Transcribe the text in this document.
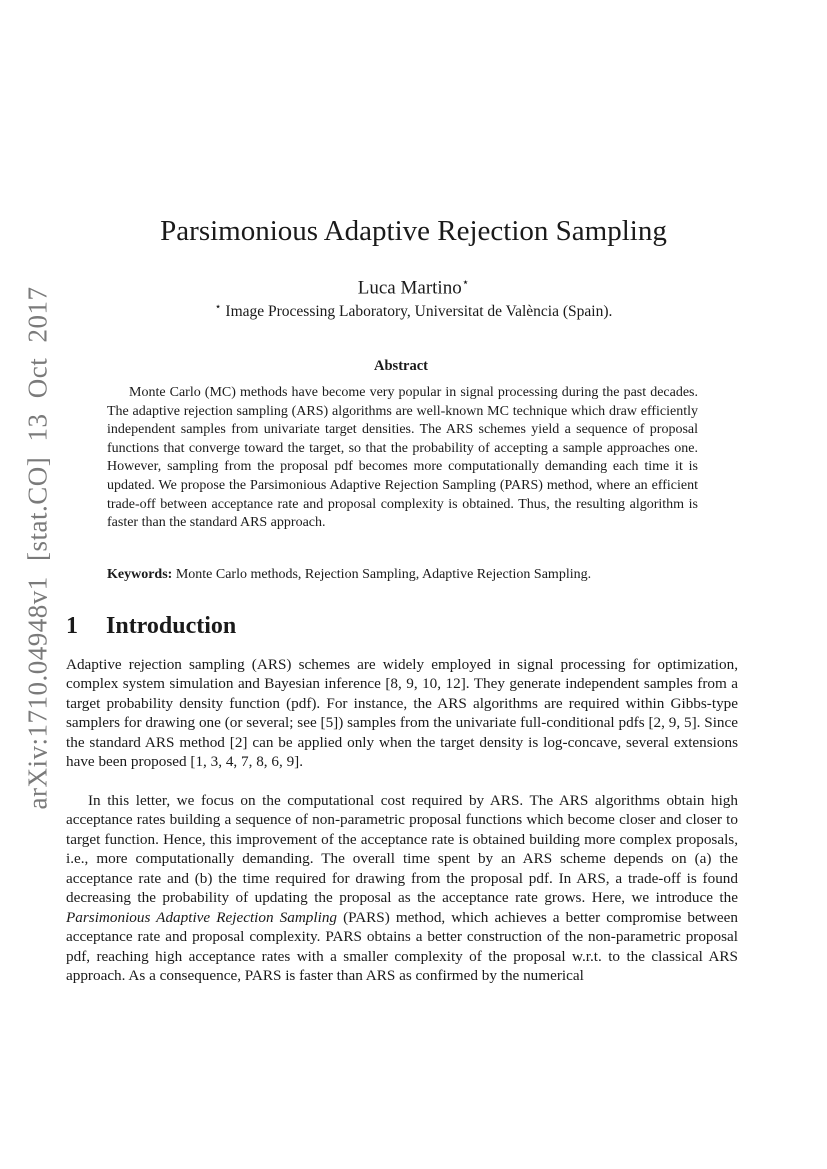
arXiv:1710.04948v1 [stat.CO] 13 Oct 2017
Parsimonious Adaptive Rejection Sampling
Luca Martino⋆
⋆ Image Processing Laboratory, Universitat de València (Spain).
Abstract

Monte Carlo (MC) methods have become very popular in signal processing during the past decades. The adaptive rejection sampling (ARS) algorithms are well-known MC technique which draw efficiently independent samples from univariate target densities. The ARS schemes yield a sequence of proposal functions that converge toward the target, so that the probability of accepting a sample approaches one. However, sampling from the proposal pdf becomes more computationally demanding each time it is updated. We propose the Parsimonious Adaptive Rejection Sampling (PARS) method, where an efficient trade-off between acceptance rate and proposal complexity is obtained. Thus, the resulting algorithm is faster than the standard ARS approach.

Keywords: Monte Carlo methods, Rejection Sampling, Adaptive Rejection Sampling.

1 Introduction

Adaptive rejection sampling (ARS) schemes are widely employed in signal processing for optimization, complex system simulation and Bayesian inference [8, 9, 10, 12]. They generate independent samples from a target probability density function (pdf). For instance, the ARS algorithms are required within Gibbs-type samplers for drawing one (or several; see [5]) samples from the univariate full-conditional pdfs [2, 9, 5]. Since the standard ARS method [2] can be applied only when the target density is log-concave, several extensions have been proposed [1, 3, 4, 7, 8, 6, 9].

In this letter, we focus on the computational cost required by ARS. The ARS algorithms obtain high acceptance rates building a sequence of non-parametric proposal functions which become closer and closer to target function. Hence, this improvement of the acceptance rate is obtained building more complex proposals, i.e., more computationally demanding. The overall time spent by an ARS scheme depends on (a) the acceptance rate and (b) the time required for drawing from the proposal pdf. In ARS, a trade-off is found decreasing the probability of updating the proposal as the acceptance rate grows. Here, we introduce the Parsimonious Adaptive Rejection Sampling (PARS) method, which achieves a better compromise between acceptance rate and proposal complexity. PARS obtains a better construction of the non-parametric proposal pdf, reaching high acceptance rates with a smaller complexity of the proposal w.r.t. to the classical ARS approach. As a consequence, PARS is faster than ARS as confirmed by the numerical
